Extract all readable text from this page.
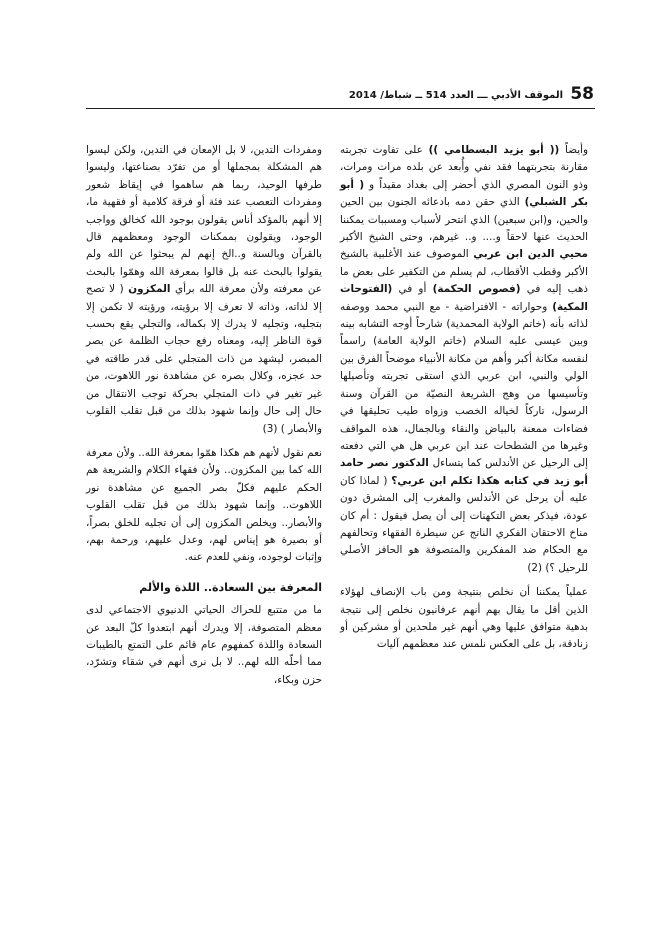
58
الموقف الأدبي ـــ العدد 514 ــ شباط/ 2014

وأيضاً (( أبو يزيد البسطامي )) على تفاوت تجربته مقارنة بتجربتهما فقد نفي وأُبعد عن بلده مرات ومرات، وذو النون المصري الذي أحضر إلى بغداد مقيداً و ( أبو بكر الشبلي) الذي حقن دمه بادعائه الجنون بين الحين والحين، و(ابن سبعين) الذي انتحر لأسباب ومسببات يمكننا الحديث عنها لاحقاً و.... و.. غيرهم، وحتى الشيخ الأكبر محيي الدين ابن عربي الموصوف عند الأغلبية بالشيخ الأكبر وقطب الأقطاب، لم يسلم من التكفير على بعض ما ذهب إليه في (فصوص الحكمة) أو في (الفتوحات المكية) وحواراته - الافتراضية - مع النبي محمد ووصفه لذاته بأنه (خاتم الولاية المحمدية) شارحاً أوجه التشابه بينه وبين عيسى عليه السلام (خاتم الولاية العامة) راسماً لنفسه مكانة أكبر وأهم من مكانة الأنبياء موضحاً الفرق بين الولي والنبي، ابن عربي الذي استقى تجربته وتأصيلها وتأسيسها من وهج الشريعة النصيّة من القرآن وسنة الرسول، تاركاً لخياله الخصب وزواه طيب تحليقها في فضاءات ممعنة بالبياض والنقاء وبالجمال، هذه المواقف وغيرها من الشطحات عند ابن عربي هل هي التي دفعته إلى الرحيل عن الأندلس كما يتساءل الدكتور نصر حامد أبو زيد في كتابه هكذا تكلم ابن عربي؟ ( لماذا كان عليه أن يرحل عن الأندلس والمغرب إلى المشرق دون عودة، فيذكر بعض التكهنات إلى أن يصل فيقول : أم كان مناخ الاحتقان الفكري الناتج عن سيطرة الفقهاء وتحالفهم مع الحكام ضد المفكرين والمتصوفة هو الحافز الأصلي للرحيل ؟) (2)

عملياً يمكننا أن نخلص بنتيجة ومن باب الإنصاف لهؤلاء الذين أقل ما يقال بهم أنهم عرفانيون نخلص إلى نتيجة بدهية متوافق عليها وهي أنهم غير ملحدين أو مشركين أو زنادقة، بل على العكس نلمس عند معظمهم آليات

ومفردات التدين، لا بل الإمعان في التدين، ولكن ليسوا هم المشكلة بمجملها أو من تفرّد بصناعتها، وليسوا طرفها الوحيد، ربما هم ساهموا في إيقاظ شعور ومفردات التعصب عند فئة أو فرقة كلامية أو فقهية ما، إلا أنهم بالمؤكد أناس يقولون بوجود الله كخالق وواجب الوجود، ويقولون بممكنات الوجود ومعظمهم قال بالقرآن وبالسنة و..الخ إنهم لم يبحثوا عن الله ولم يقولوا بالبحث عنه بل قالوا بمعرفة الله وهمّوا بالبحث عن معرفته ولأن معرفة الله برأي المكزون ( لا تصح إلا لذاته، وذاته لا تعرف إلا برؤيته، ورؤيته لا تكمن إلا بتجليه، وتجليه لا يدرك إلا بكماله، والتجلي يقع بحسب قوة الناظر إليه، ومعناه رفع حجاب الظلمة عن بصر المبصر، ليشهد من ذات المتجلي على قدر طاقته في حد عجزه، وكلال بصره عن مشاهدة نور اللاهوت، من غير تغير في ذات المتجلي بحركة توجب الانتقال من حال إلى حال وإنما شهود بذلك من قبل تقلب القلوب والأبصار ) (3)

نعم نقول لأنهم هم هكذا همّوا بمعرفة الله.. ولأن معرفة الله كما بين المكزون.. ولأن فقهاء الكلام والشريعة هم الحكم عليهم فكلّ بصر الجميع عن مشاهدة نور اللاهوت.. وإنما شهود بذلك من قبل تقلب القلوب والأبصار.. ويخلص المكزون إلى أن تجليه للخلق بصراً، أو بصيرة هو إيناس لهم، وعدل عليهم، ورحمة بهم، وإثبات لوجوده، ونفي للعدم عنه.

المعرفة بين السعادة.. اللذة والألم

ما من متتبع للحراك الحياتي الدنيوي الاجتماعي لدى معظم المتصوفة، إلا ويدرك أنهم ابتعدوا كلّ البعد عن السعادة واللذة كمفهوم عام قائم على التمتع بالطيبات مما أحلّه الله لهم.. لا بل نرى أنهم في شقاء وتشرّد، حزن وبكاء،
